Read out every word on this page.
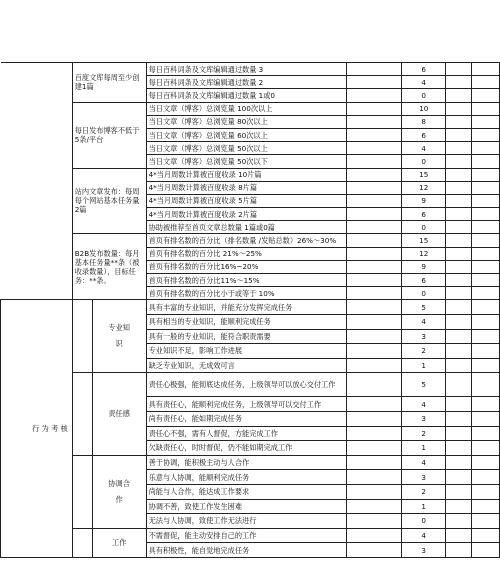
	百度文库每周至少创建1篇		每日百科词条及文库编辑通过数量 3		6		
			每日百科词条及文库编辑通过数量 2		4		
			每日百科词条及文库编辑通过数量 1或0		0		

	每日发布博客不低于5条/平台		当日文章（博客）总浏览量 100次以上		10		
			当日文章（博客）总浏览量 80次以上		8		
			当日文章（博客）总浏览量 60次以上		6		
			当日文章（博客）总浏览量 50次以上		4		
			当日文章（博客）总浏览量 50次以下		0		

	站内文章发布：每周每个网站基本任务量2篇		4*当月周数计算被百度收录 10片篇		15		
			4*当月周数计算被百度收录 8片篇		12		
			4*当月周数计算被百度收录 5片篇		9		
			4*当月周数计算被百度收录 2片篇		6		
			协助被推荐至首页文章总数量 1篇或0篇		0		

	B2B发布数量：每月基本任务量**条（被收录数量），目标任务：**条。		首页有排名数的百分比（排名数量 /发贴总数）26%～30%		15		
			首页有排名数的百分比 21%～25%		12		
			首页有排名数的百分比16%~20%		9		
			首页有排名数的百分比11%～15%		6		
			首页有排名数的百分比小于或等于 10%		0		
行 为 考 核		专业知识	具有丰富的专业知识，并能充分发挥完成任务		5		
			具有相当的专业知识，能顺利完成任务		4		
			具有一般的专业知识，能符合职责需要		3		
			专业知识不足，影响工作进展		2		
			缺乏专业知识，无成效可言		1		
		责任感	责任心极强，能彻底达成任务，上级领导可以放心交付工作		5		
			具有责任心，能顺利完成任务，上级领导可以交付工作		4		
			尚有责任心，能如期完成任务		3		
			责任心不强，需有人督促，方能完成工作		2		
			欠缺责任心，时时督促，仍不能如期完成工作		1		
		协调合作	善于协调，能积极主动与人合作		4		
			乐意与人协调，能顺利完成任务		3		
			尚能与人合作，能达成工作要求		2		
			协调不善，致使工作发生困难		1		
			无法与人协调，致使工作无法进行		0		
		工作	不需督促，能主动安排自己的工作		4		
			具有积极性，能自觉地完成任务		3		
